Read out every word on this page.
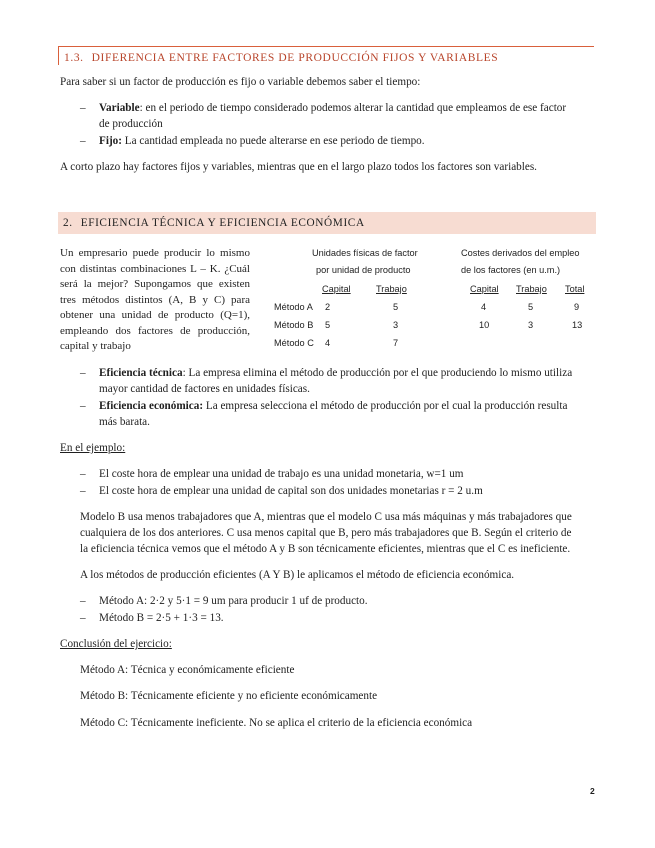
1.3. DIFERENCIA ENTRE FACTORES DE PRODUCCIÓN FIJOS Y VARIABLES
Para saber si un factor de producción es fijo o variable debemos saber el tiempo:
– Variable: en el periodo de tiempo considerado podemos alterar la cantidad que empleamos de ese factor
de producción
– Fijo: La cantidad empleada no puede alterarse en ese periodo de tiempo.
A corto plazo hay factores fijos y variables, mientras que en el largo plazo todos los factores son variables.
2. EFICIENCIA TÉCNICA Y EFICIENCIA ECONÓMICA
Un empresario puede producir lo mismo
con distintas combinaciones L – K. ¿Cuál
será la mejor? Supongamos que existen
tres métodos distintos (A, B y C) para
obtener una unidad de producto (Q=1),
empleando dos factores de producción,
capital y trabajo
Unidades físicas de factor
por unidad de producto
Costes derivados del empleo
de los factores (en u.m.)
Capital	Trabajo	Capital Trabajo Total
Método A 2	5	4	5	9
Método B 5	3	10	3	13
Método C 4	7
– Eficiencia técnica: La empresa elimina el método de producción por el que produciendo lo mismo utiliza
mayor cantidad de factores en unidades físicas.
– Eficiencia económica: La empresa selecciona el método de producción por el cual la producción resulta
más barata.
En el ejemplo:
– El coste hora de emplear una unidad de trabajo es una unidad monetaria, w=1 um
– El coste hora de emplear una unidad de capital son dos unidades monetarias r = 2 u.m
Modelo B usa menos trabajadores que A, mientras que el modelo C usa más máquinas y más trabajadores que
cualquiera de los dos anteriores. C usa menos capital que B, pero más trabajadores que B. Según el criterio de
la eficiencia técnica vemos que el método A y B son técnicamente eficientes, mientras que el C es ineficiente.
A los métodos de producción eficientes (A Y B) le aplicamos el método de eficiencia económica.
– Método A: 2·2 y 5·1 = 9 um para producir 1 uf de producto.
– Método B = 2·5 + 1·3 = 13.
Conclusión del ejercicio:
Método A: Técnica y económicamente eficiente
Método B: Técnicamente eficiente y no eficiente económicamente
Método C: Técnicamente ineficiente. No se aplica el criterio de la eficiencia económica
2
